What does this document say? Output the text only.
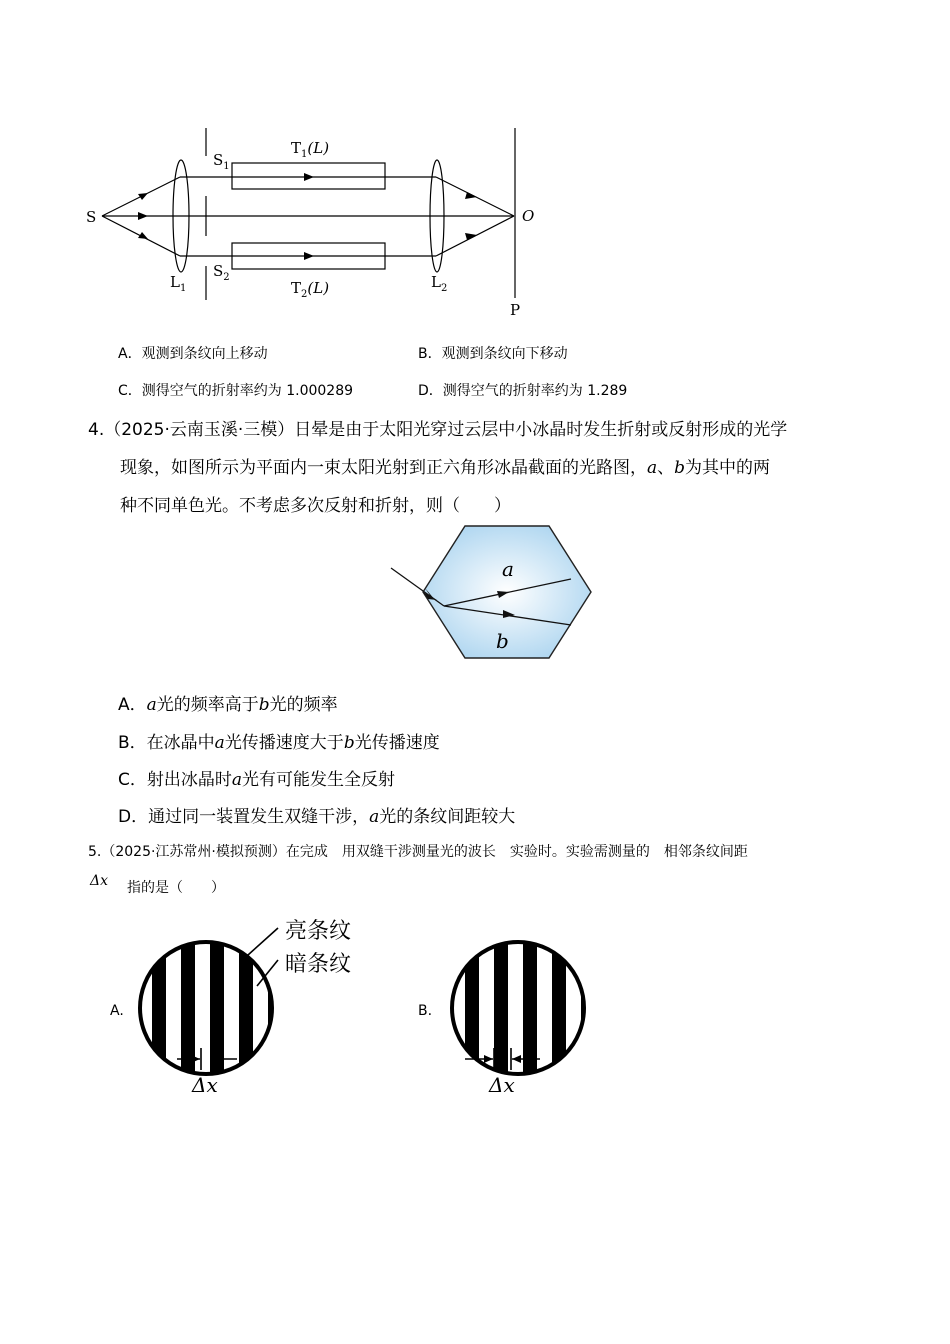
S
$S_1$
$S_2$
$T_1(L)$
$T_2(L)$
$L_1$	$L_2$
O
P
A．观测到条纹向上移动	B．观测到条纹向下移动
C．测得空气的折射率约为 1.000289	D．测得空气的折射率约为 1.289
4.（2025·云南玉溪·三模）日晕是由于太阳光穿过云层中小冰晶时发生折射或反射形成的光学
现象，如图所示为平面内一束太阳光射到正六角形冰晶截面的光路图，a、b为其中的两
种不同单色光。不考虑多次反射和折射，则（　　）
a
b
A．a光的频率高于b光的频率
B．在冰晶中a光传播速度大于b光传播速度
C．射出冰晶时a光有可能发生全反射
D．通过同一装置发生双缝干涉，a光的条纹间距较大
5.（2025·江苏常州·模拟预测）在完成　用双缝干涉测量光的波长　实验时。实验需测量的　相邻条纹间距
Δx 指的是（　　）
A.
亮条纹
暗条纹
Δx
B.
Δx
